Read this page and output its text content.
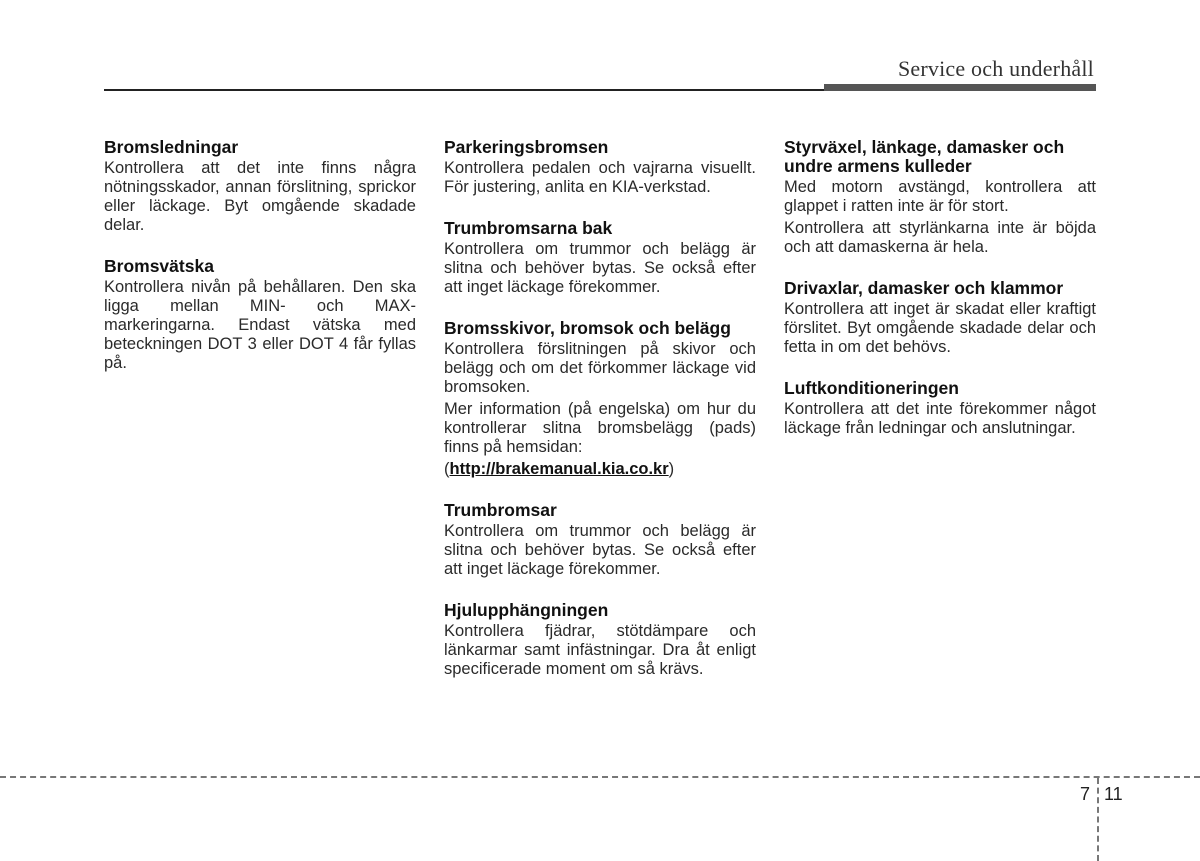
Service och underhåll
Bromsledningar

Kontrollera att det inte finns några nötningsskador, annan förslitning, sprickor eller läckage. Byt omgående skadade delar.

Bromsvätska

Kontrollera nivån på behållaren. Den ska ligga mellan MIN- och MAX-markeringarna. Endast vätska med beteckningen DOT 3 eller DOT 4 får fyllas på.

Parkeringsbromsen

Kontrollera pedalen och vajrarna visuellt. För justering, anlita en KIA-verkstad.

Trumbromsarna bak

Kontrollera om trummor och belägg är slitna och behöver bytas. Se också efter att inget läckage förekommer.

Bromsskivor, bromsok och belägg

Kontrollera förslitningen på skivor och belägg och om det förkommer läckage vid bromsoken.

Mer information (på engelska) om hur du kontrollerar slitna bromsbelägg (pads) finns på hemsidan:

(http://brakemanual.kia.co.kr)
Trumbromsar

Kontrollera om trummor och belägg är slitna och behöver bytas. Se också efter att inget läckage förekommer.

Hjulupphängningen

Kontrollera fjädrar, stötdämpare och länkarmar samt infästningar. Dra åt enligt specificerade moment om så krävs.

Styrväxel, länkage, damasker och undre armens kulleder

Med motorn avstängd, kontrollera att glappet i ratten inte är för stort.

Kontrollera att styrlänkarna inte är böjda och att damaskerna är hela.

Drivaxlar, damasker och klammor

Kontrollera att inget är skadat eller kraftigt förslitet. Byt omgående skadade delar och fetta in om det behövs.

Luftkonditioneringen

Kontrollera att det inte förekommer något läckage från ledningar och anslutningar.

7 11
